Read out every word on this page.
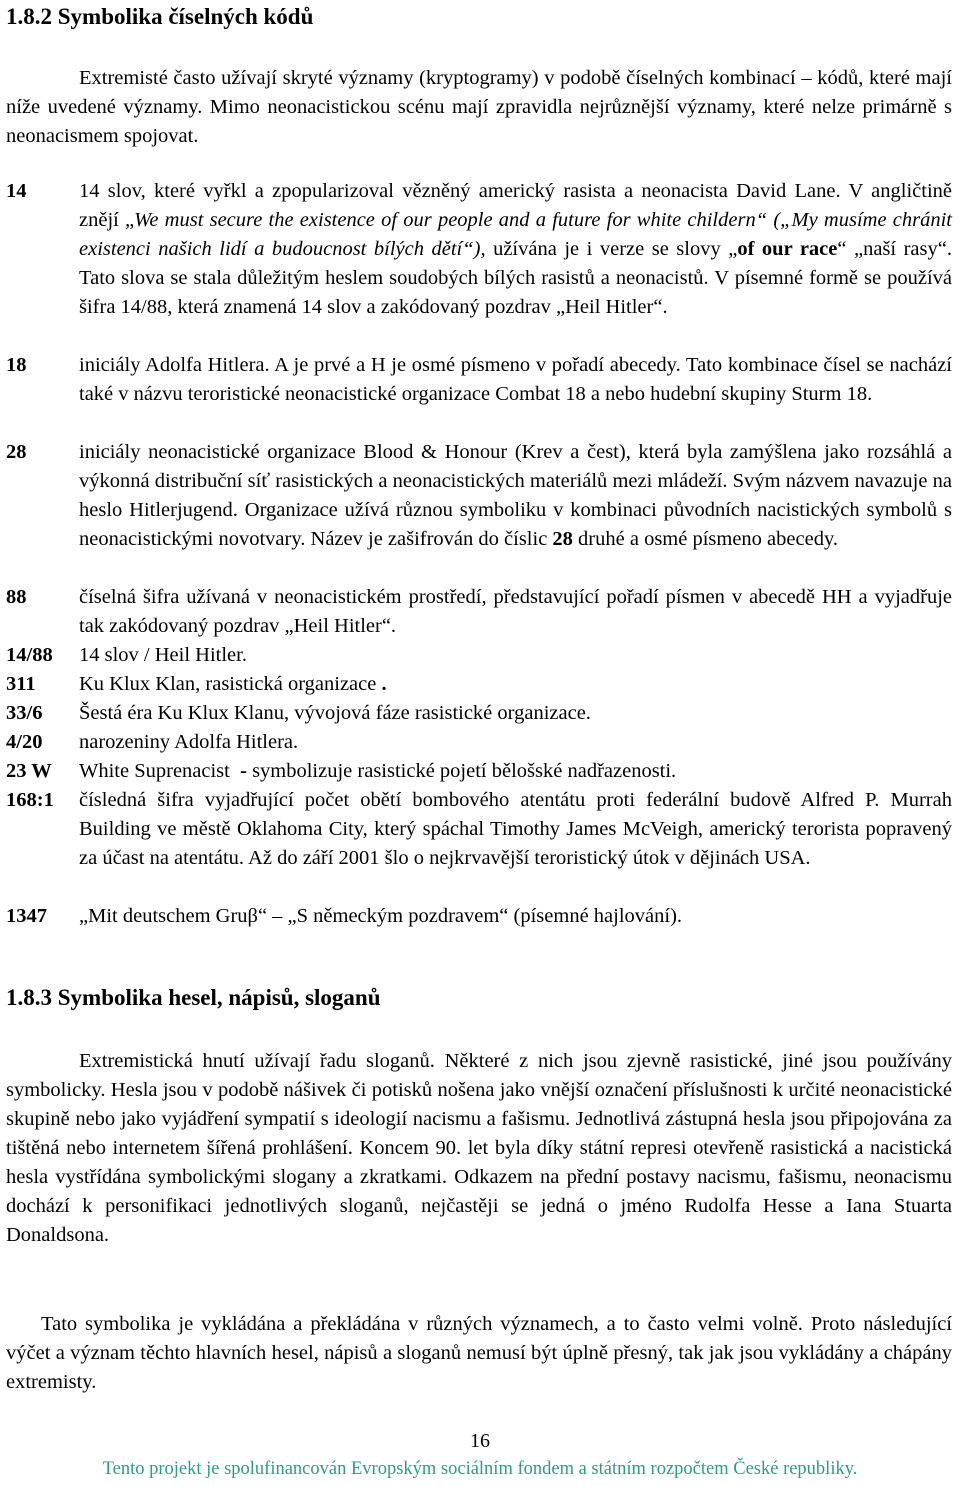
1.8.2 Symbolika číselných kódů

Extremisté často užívají skryté významy (kryptogramy) v podobě číselných kombinací – kódů, které mají níže uvedené významy. Mimo neonacistickou scénu mají zpravidla nejrůznější významy, které nelze primárně s neonacismem spojovat.

14	14 slov, které vyřkl a zpopularizoval vězněný americký rasista a neonacista David Lane. V angličtině znějí „We must secure the existence of our people and a future for white childern“ („My musíme chránit existenci našich lidí a budoucnost bílých dětí“), užívána je i verze se slovy „of our race“ „naší rasy“. Tato slova se stala důležitým heslem soudobých bílých rasistů a neonacistů. V písemné formě se používá šifra 14/88, která znamená 14 slov a zakódovaný pozdrav „Heil Hitler“.
18	iniciály Adolfa Hitlera. A je prvé a H je osmé písmeno v pořadí abecedy. Tato kombinace čísel se nachází také v názvu teroristické neonacistické organizace Combat 18 a nebo hudební skupiny Sturm 18.
28	iniciály neonacistické organizace Blood & Honour (Krev a čest), která byla zamýšlena jako rozsáhlá a výkonná distribuční síť rasistických a neonacistických materiálů mezi mládeží. Svým názvem navazuje na heslo Hitlerjugend. Organizace užívá různou symboliku v kombinaci původních nacistických symbolů s neonacistickými novotvary. Název je zašifrován do číslic 28 druhé a osmé písmeno abecedy.
88	číselná šifra užívaná v neonacistickém prostředí, představující pořadí písmen v abecedě HH a vyjadřuje tak zakódovaný pozdrav „Heil Hitler“.
14/88	14 slov / Heil Hitler.
311	Ku Klux Klan, rasistická organizace .
33/6	Šestá éra Ku Klux Klanu, vývojová fáze rasistické organizace.
4/20	narozeniny Adolfa Hitlera.
23 W	White Suprenacist  - symbolizuje rasistické pojetí bělošské nadřazenosti.
168:1	čísledná šifra vyjadřující počet obětí bombového atentátu proti federální budově Alfred P. Murrah Building ve městě Oklahoma City, který spáchal Timothy James McVeigh, americký terorista popravený za účast na atentátu. Až do září 2001 šlo o nejkrvavější teroristický útok v dějinách USA.
1347	„Mit deutschem Gruβ“ – „S německým pozdravem“ (písemné hajlování).
1.8.3 Symbolika hesel, nápisů, sloganů

Extremistická hnutí užívají řadu sloganů. Některé z nich jsou zjevně rasistické, jiné jsou používány symbolicky. Hesla jsou v podobě nášivek či potisků nošena jako vnější označení příslušnosti k určité neonacistické skupině nebo jako vyjádření sympatií s ideologií nacismu a fašismu. Jednotlivá zástupná hesla jsou připojována za tištěná nebo internetem šířená prohlášení. Koncem 90. let byla díky státní represi otevřeně rasistická a nacistická hesla vystřídána symbolickými slogany a zkratkami. Odkazem na přední postavy nacismu, fašismu, neonacismu dochází k personifikaci jednotlivých sloganů, nejčastěji se jedná o jméno Rudolfa Hesse a Iana Stuarta Donaldsona.

Tato symbolika je vykládána a překládána v různých významech, a to často velmi volně. Proto následující výčet a význam těchto hlavních hesel, nápisů a sloganů nemusí být úplně přesný, tak jak jsou vykládány a chápány extremisty.

16
Tento projekt je spolufinancován Evropským sociálním fondem a státním rozpočtem České republiky.
